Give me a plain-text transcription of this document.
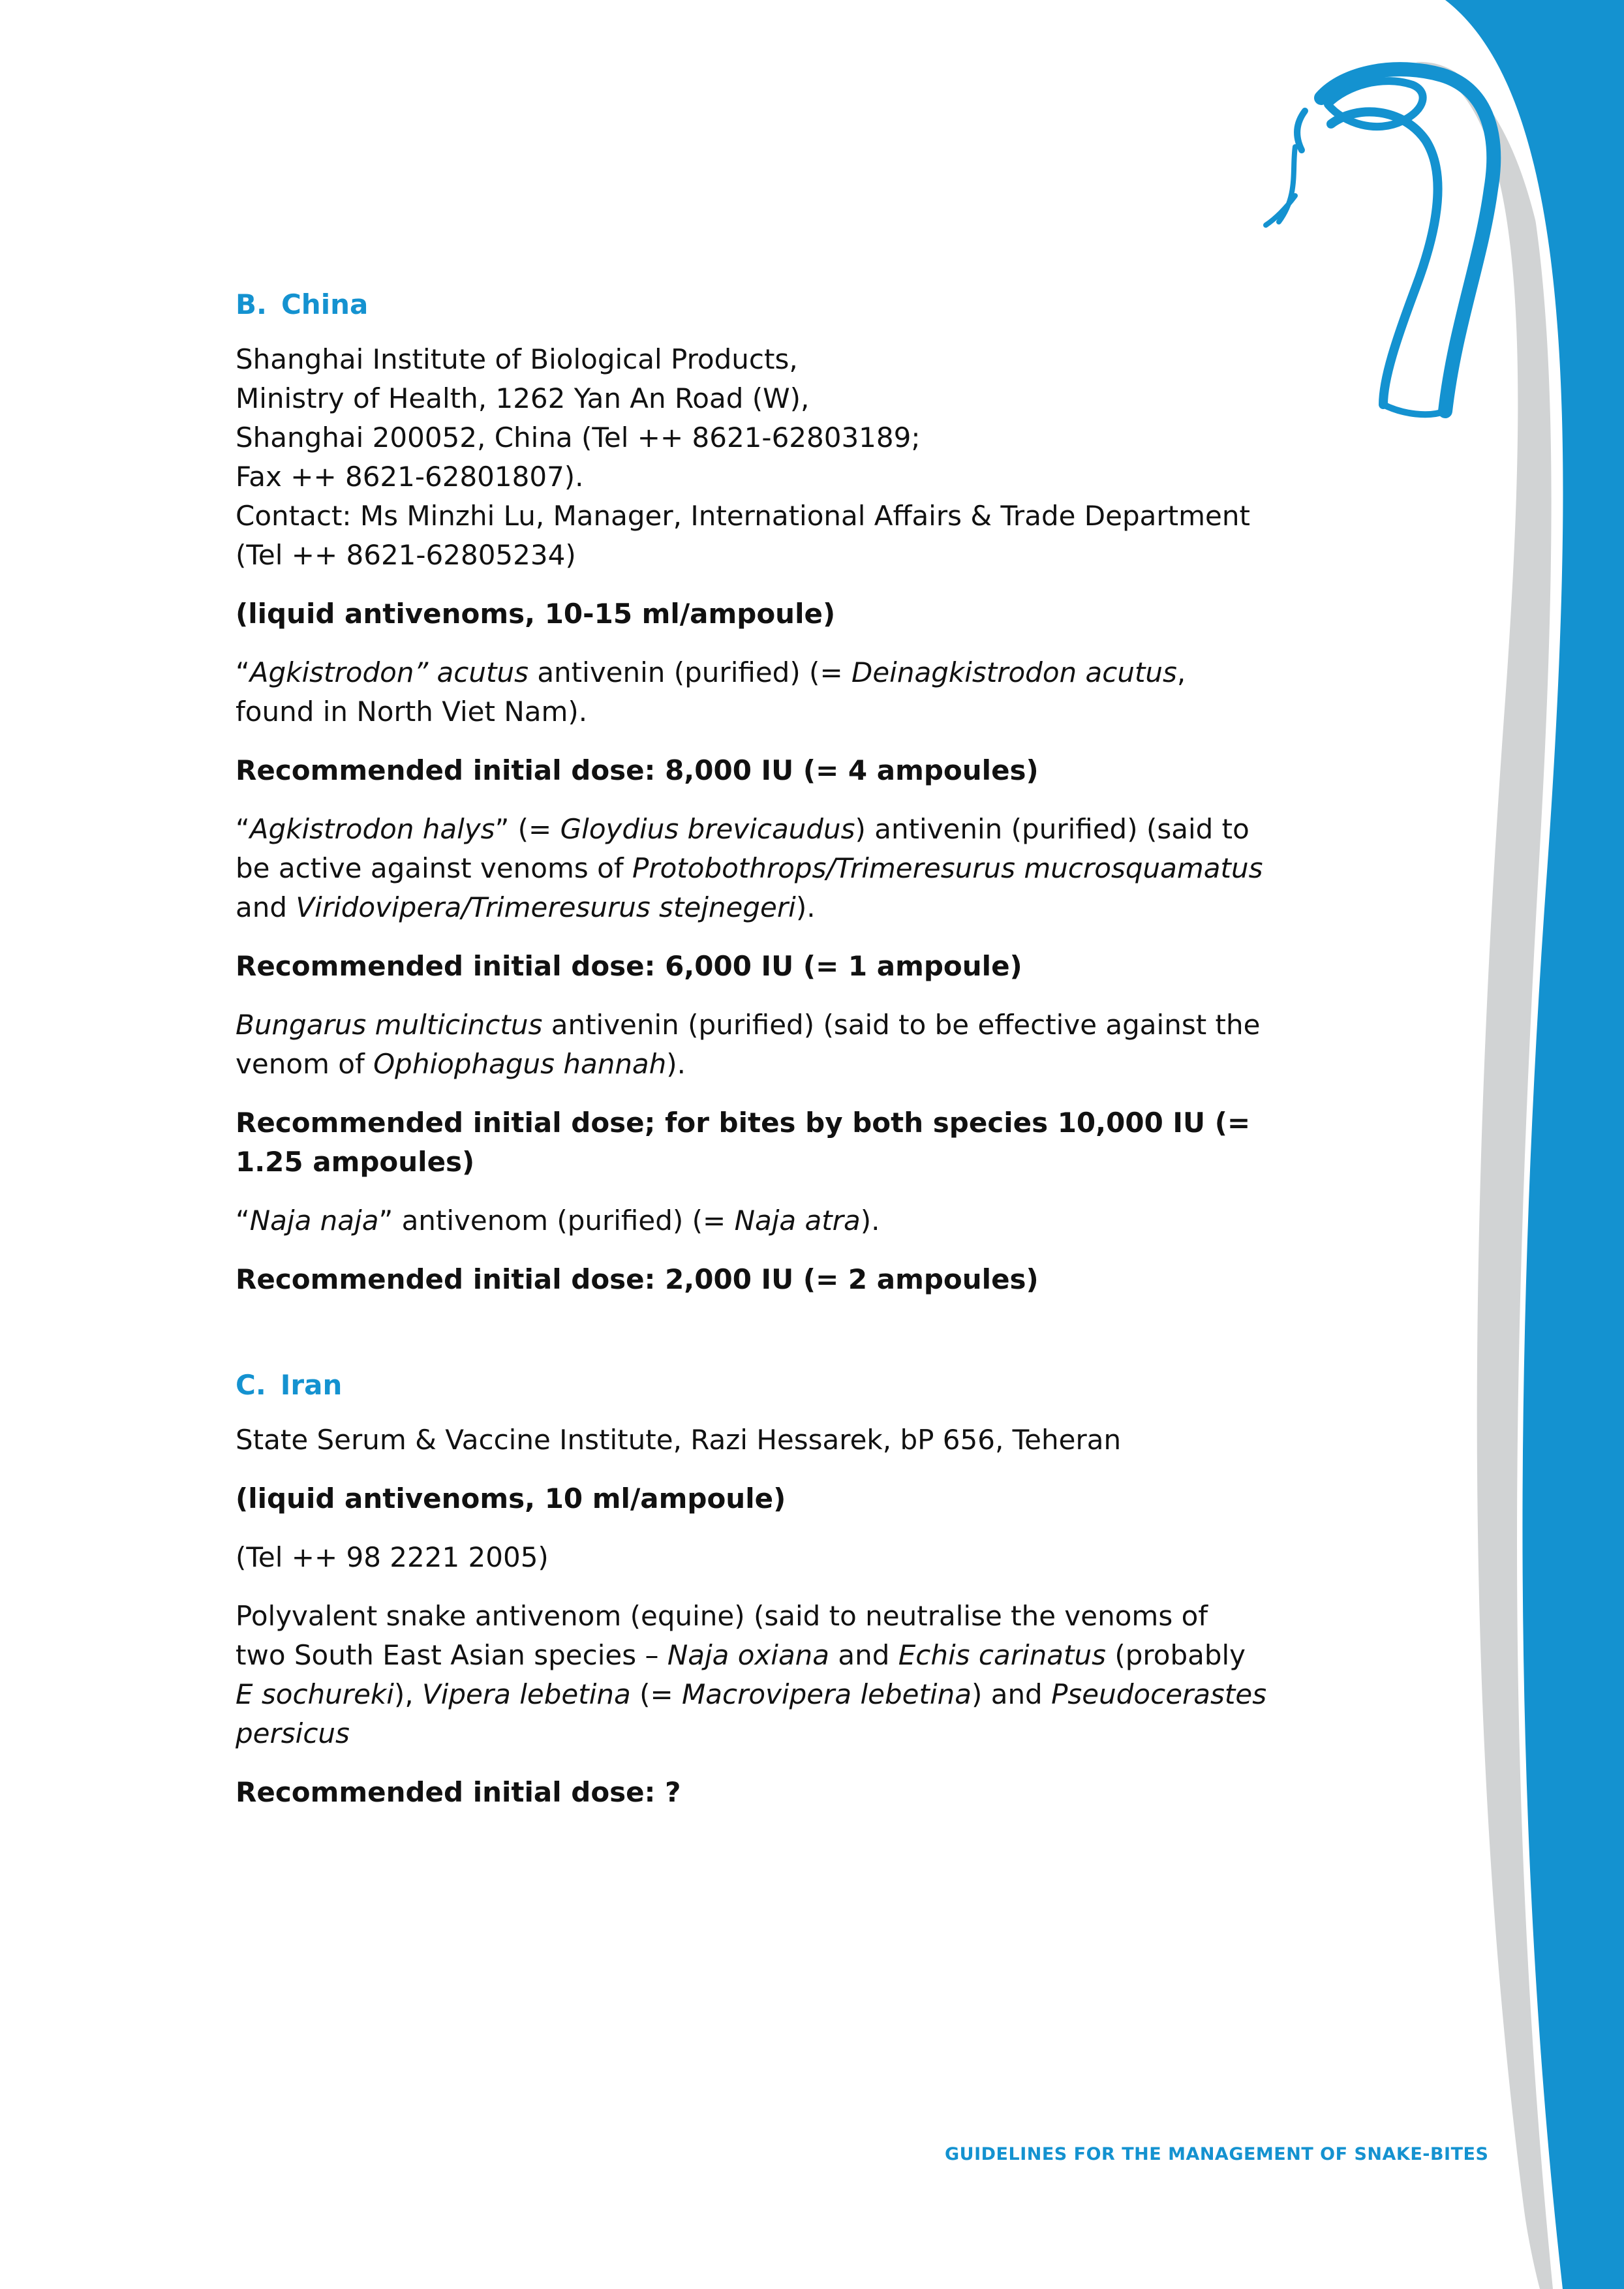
B. China
Shanghai Institute of Biological Products,
Ministry of Health, 1262 Yan An Road (W),
Shanghai 200052, China (Tel ++ 8621-62803189;
Fax ++ 8621-62801807).
Contact: Ms Minzhi Lu, Manager, International Affairs & Trade Department
(Tel ++ 8621-62805234)
(liquid antivenoms, 10-15 ml/ampoule)
“Agkistrodon” acutus antivenin (purified) (= Deinagkistrodon acutus,
found in North Viet Nam).
Recommended initial dose: 8,000 IU (= 4 ampoules)
“Agkistrodon halys” (= Gloydius brevicaudus) antivenin (purified) (said to
be active against venoms of Protobothrops/Trimeresurus mucrosquamatus
and Viridovipera/Trimeresurus stejnegeri).
Recommended initial dose: 6,000 IU (= 1 ampoule)
Bungarus multicinctus antivenin (purified) (said to be effective against the
venom of Ophiophagus hannah).
Recommended initial dose; for bites by both species 10,000 IU (=
1.25 ampoules)
“Naja naja” antivenom (purified) (= Naja atra).
Recommended initial dose: 2,000 IU (= 2 ampoules)
C. Iran
State Serum & Vaccine Institute, Razi Hessarek, bP 656, Teheran
(liquid antivenoms, 10 ml/ampoule)
(Tel ++ 98 2221 2005)
Polyvalent snake antivenom (equine) (said to neutralise the venoms of
two South East Asian species – Naja oxiana and Echis carinatus (probably
E sochureki), Vipera lebetina (= Macrovipera lebetina) and Pseudocerastes
persicus
Recommended initial dose: ?
GUIDELINES FOR THE MANAGEMENT OF SNAKE-BITES
